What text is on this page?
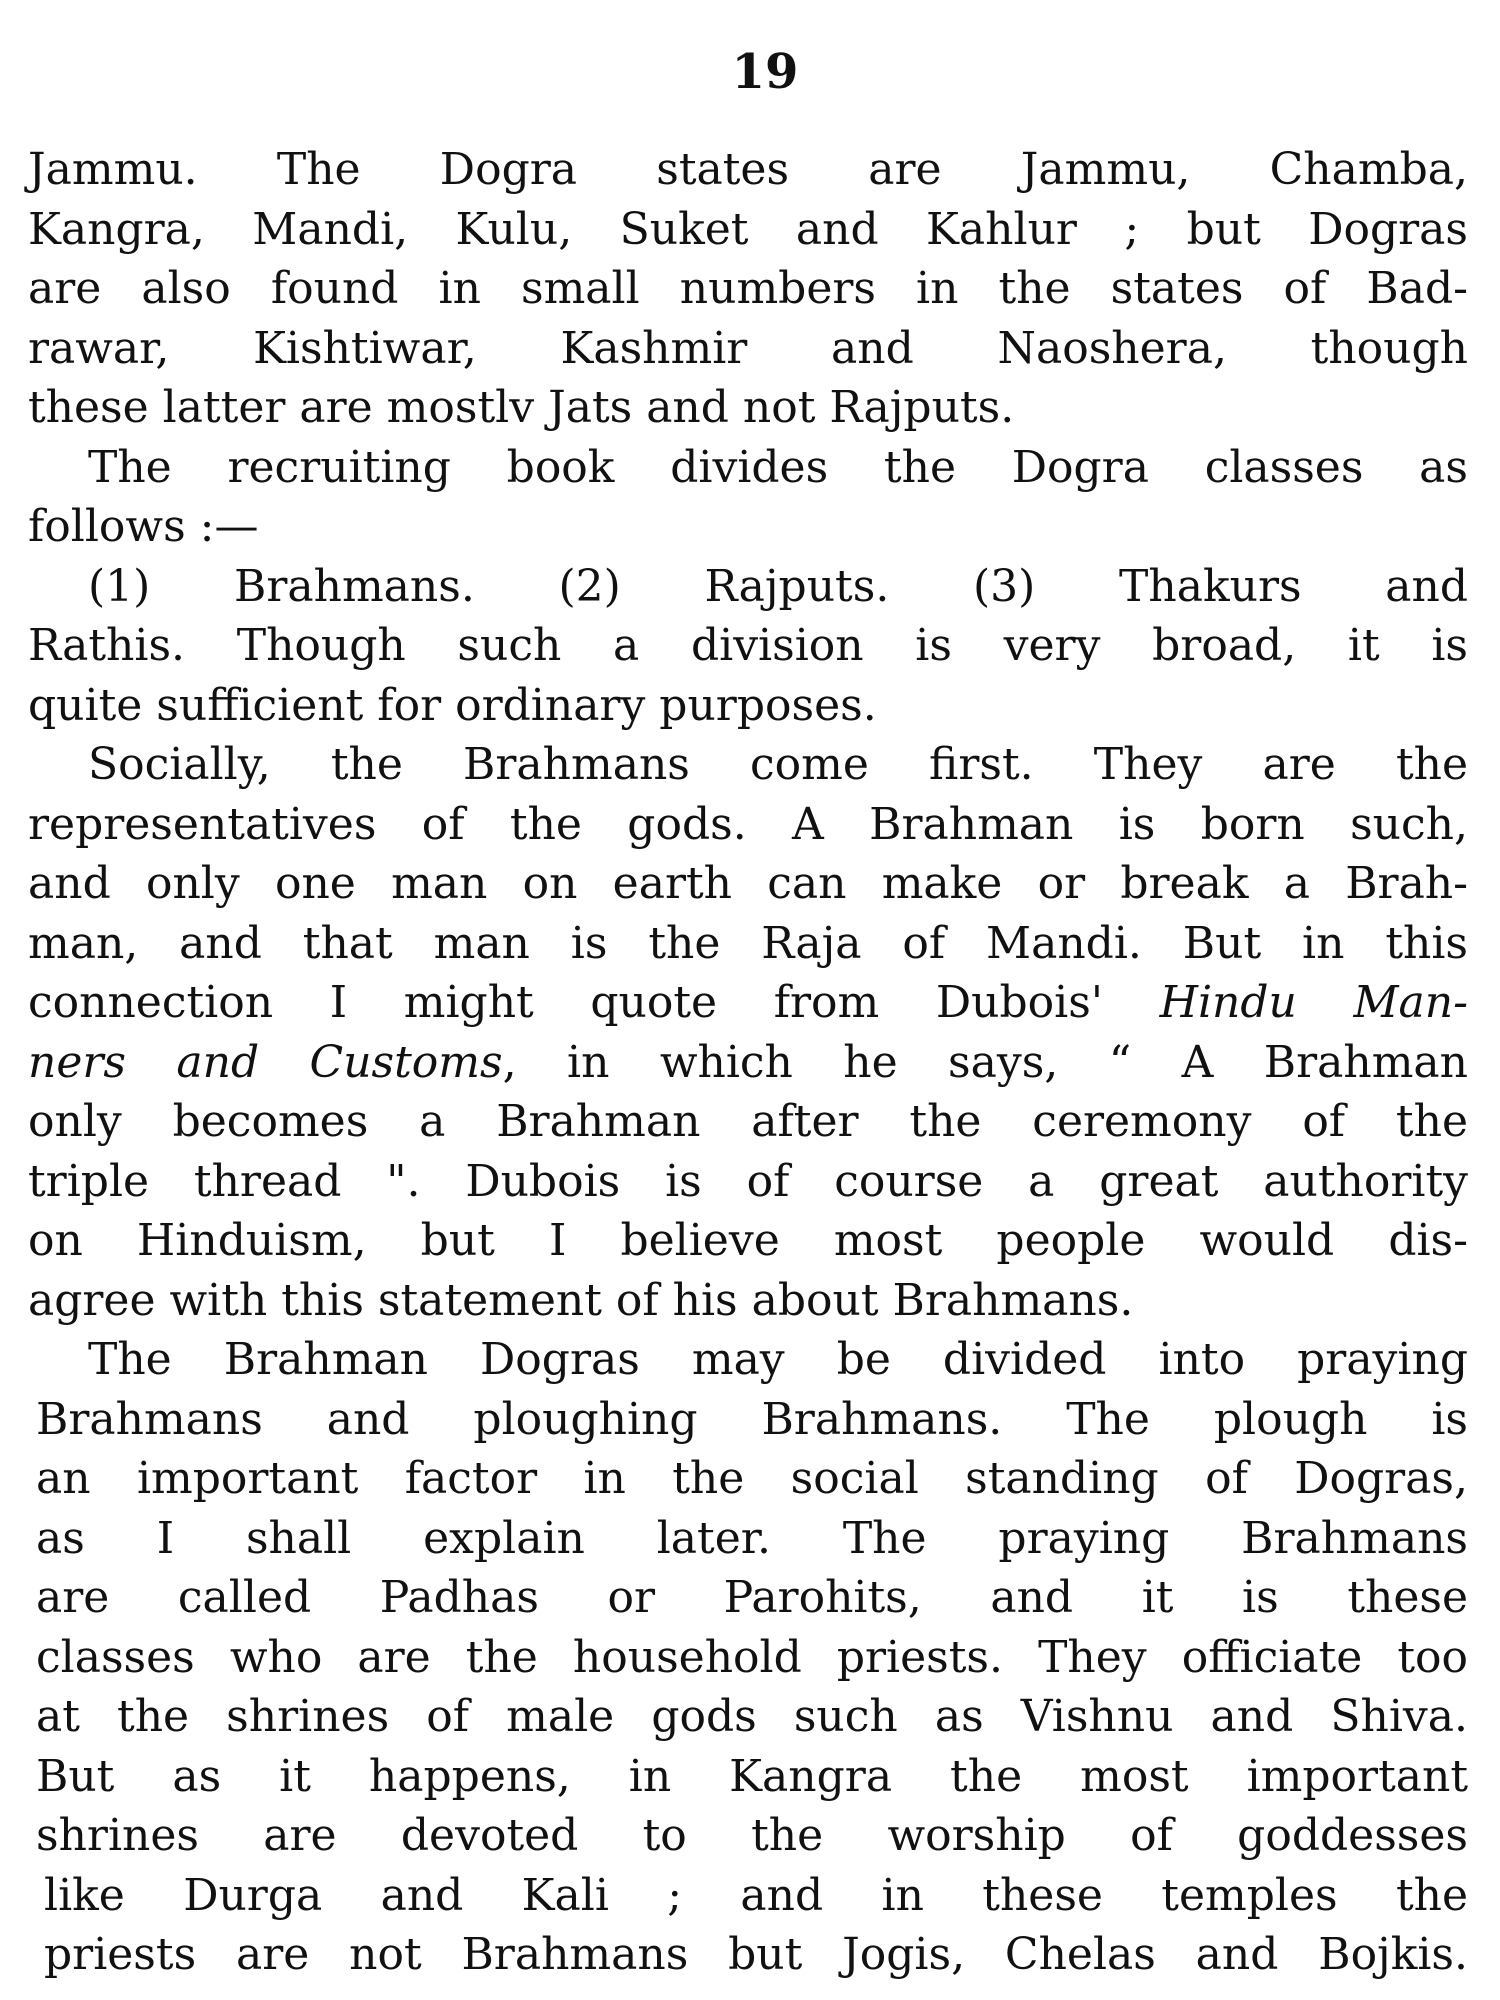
19
Jammu. The Dogra states are Jammu, Chamba,
Kangra, Mandi, Kulu, Suket and Kahlur ; but Dogras
are also found in small numbers in the states of Bad-
rawar, Kishtiwar, Kashmir and Naoshera, though
these latter are mostlv Jats and not Rajputs.
The recruiting book divides the Dogra classes as
follows :—
(1) Brahmans. (2) Rajputs. (3) Thakurs and
Rathis. Though such a division is very broad, it is
quite sufficient for ordinary purposes.
Socially, the Brahmans come first. They are the
representatives of the gods. A Brahman is born such,
and only one man on earth can make or break a Brah-
man, and that man is the Raja of Mandi. But in this
connection I might quote from Dubois' Hindu Man-
ners and Customs, in which he says, “ A Brahman
only becomes a Brahman after the ceremony of the
triple thread ". Dubois is of course a great authority
on Hinduism, but I believe most people would dis-
agree with this statement of his about Brahmans.
The Brahman Dogras may be divided into praying
Brahmans and ploughing Brahmans. The plough is
an important factor in the social standing of Dogras,
as I shall explain later. The praying Brahmans
are called Padhas or Parohits, and it is these
classes who are the household priests. They officiate too
at the shrines of male gods such as Vishnu and Shiva.
But as it happens, in Kangra the most important
shrines are devoted to the worship of goddesses
like Durga and Kali ; and in these temples the
priests are not Brahmans but Jogis, Chelas and Bojkis.
